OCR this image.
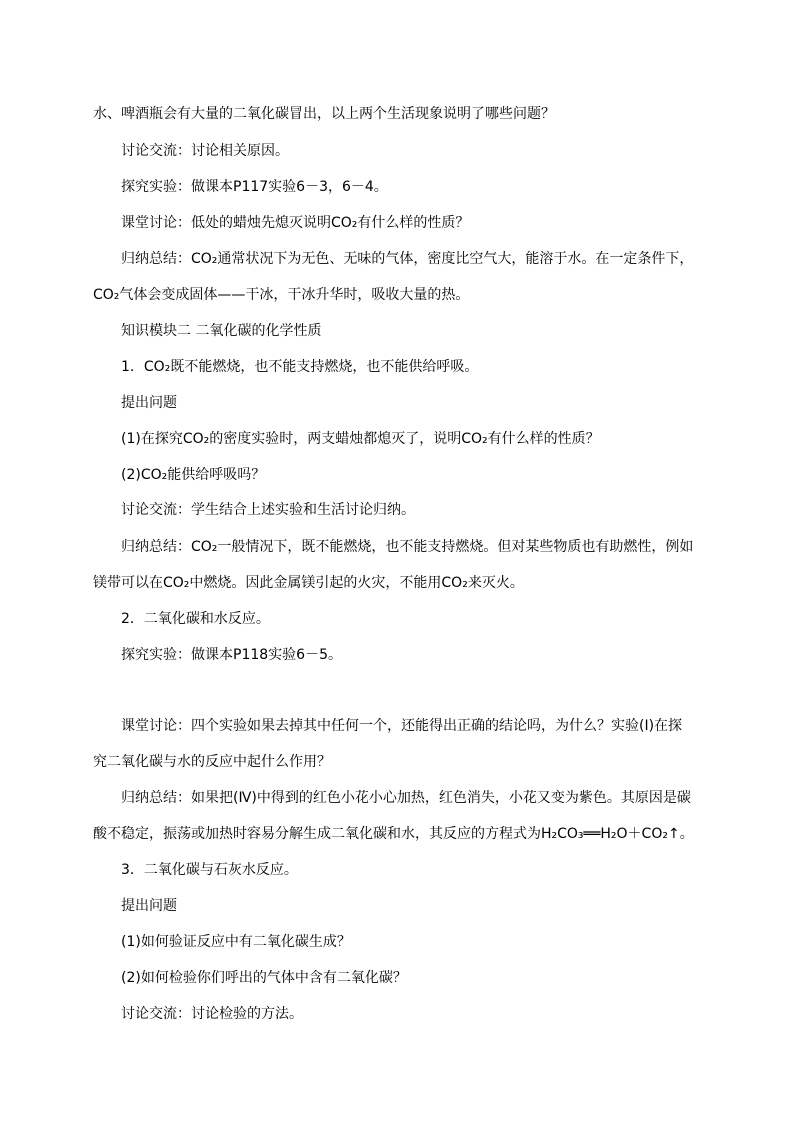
水、啤酒瓶会有大量的二氧化碳冒出，以上两个生活现象说明了哪些问题？
讨论交流：讨论相关原因。
探究实验：做课本P117实验6－3，6－4。
课堂讨论：低处的蜡烛先熄灭说明CO₂有什么样的性质？
归纳总结：CO₂通常状况下为无色、无味的气体，密度比空气大，能溶于水。在一定条件下，
CO₂气体会变成固体——干冰，干冰升华时，吸收大量的热。
知识模块二 二氧化碳的化学性质
1．CO₂既不能燃烧，也不能支持燃烧，也不能供给呼吸。
提出问题
(1)在探究CO₂的密度实验时，两支蜡烛都熄灭了，说明CO₂有什么样的性质？
(2)CO₂能供给呼吸吗？
讨论交流：学生结合上述实验和生活讨论归纳。
归纳总结：CO₂一般情况下，既不能燃烧，也不能支持燃烧。但对某些物质也有助燃性，例如
镁带可以在CO₂中燃烧。因此金属镁引起的火灾，不能用CO₂来灭火。
2．二氧化碳和水反应。
探究实验：做课本P118实验6－5。
课堂讨论：四个实验如果去掉其中任何一个，还能得出正确的结论吗，为什么？实验(Ⅰ)在探
究二氧化碳与水的反应中起什么作用？
归纳总结：如果把(Ⅳ)中得到的红色小花小心加热，红色消失，小花又变为紫色。其原因是碳
酸不稳定，振荡或加热时容易分解生成二氧化碳和水，其反应的方程式为H₂CO₃══H₂O＋CO₂↑。
3．二氧化碳与石灰水反应。
提出问题
(1)如何验证反应中有二氧化碳生成？
(2)如何检验你们呼出的气体中含有二氧化碳？
讨论交流：讨论检验的方法。
